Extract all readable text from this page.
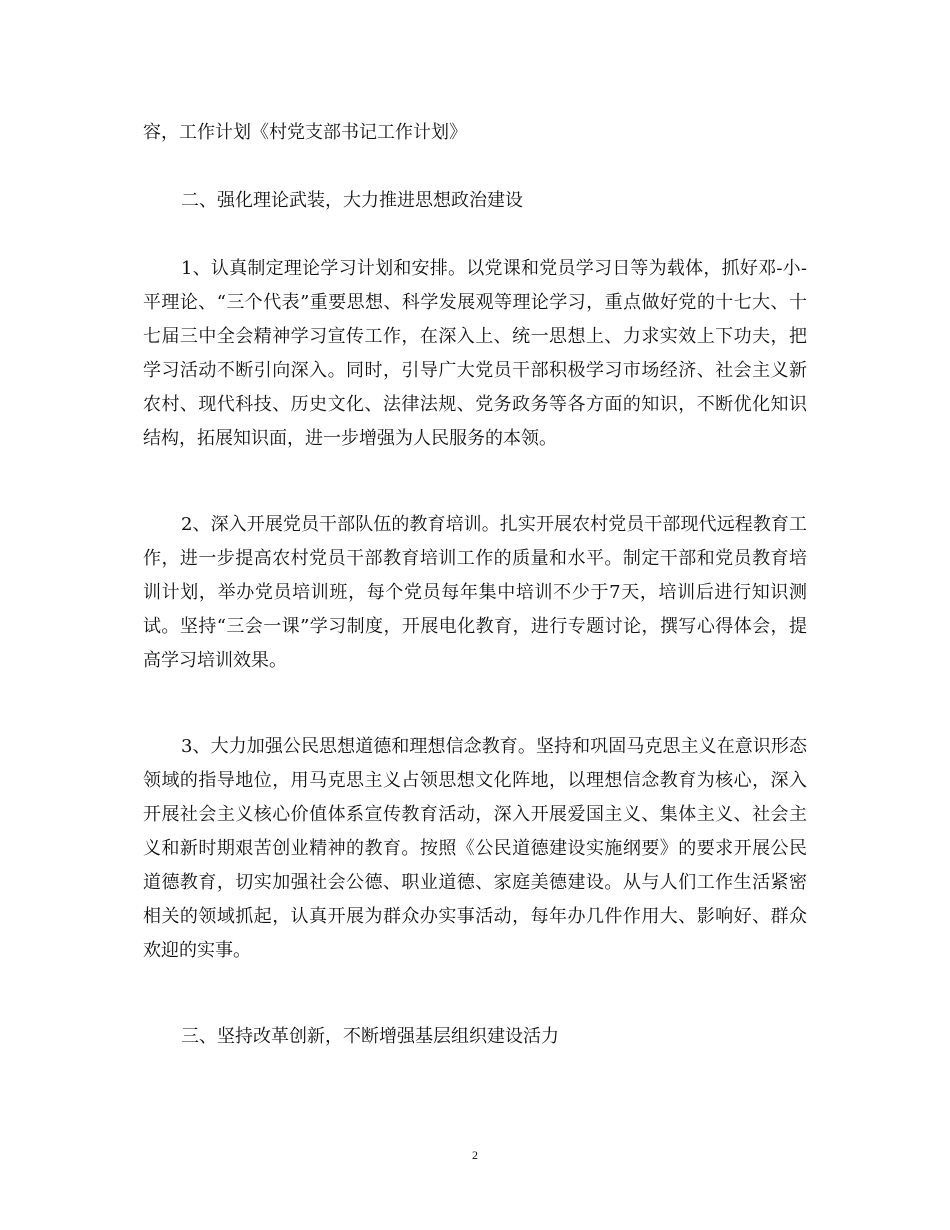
容，工作计划《村党支部书记工作计划》

二、强化理论武装，大力推进思想政治建设

1、认真制定理论学习计划和安排。以党课和党员学习日等为载体，抓好邓-小-平理论、“三个代表”重要思想、科学发展观等理论学习，重点做好党的十七大、十七届三中全会精神学习宣传工作，在深入上、统一思想上、力求实效上下功夫，把学习活动不断引向深入。同时，引导广大党员干部积极学习市场经济、社会主义新农村、现代科技、历史文化、法律法规、党务政务等各方面的知识，不断优化知识结构，拓展知识面，进一步增强为人民服务的本领。

2、深入开展党员干部队伍的教育培训。扎实开展农村党员干部现代远程教育工作，进一步提高农村党员干部教育培训工作的质量和水平。制定干部和党员教育培训计划，举办党员培训班，每个党员每年集中培训不少于7天，培训后进行知识测试。坚持“三会一课”学习制度，开展电化教育，进行专题讨论，撰写心得体会，提高学习培训效果。

3、大力加强公民思想道德和理想信念教育。坚持和巩固马克思主义在意识形态领域的指导地位，用马克思主义占领思想文化阵地，以理想信念教育为核心，深入开展社会主义核心价值体系宣传教育活动，深入开展爱国主义、集体主义、社会主义和新时期艰苦创业精神的教育。按照《公民道德建设实施纲要》的要求开展公民道德教育，切实加强社会公德、职业道德、家庭美德建设。从与人们工作生活紧密相关的领域抓起，认真开展为群众办实事活动，每年办几件作用大、影响好、群众欢迎的实事。

三、坚持改革创新，不断增强基层组织建设活力

2
